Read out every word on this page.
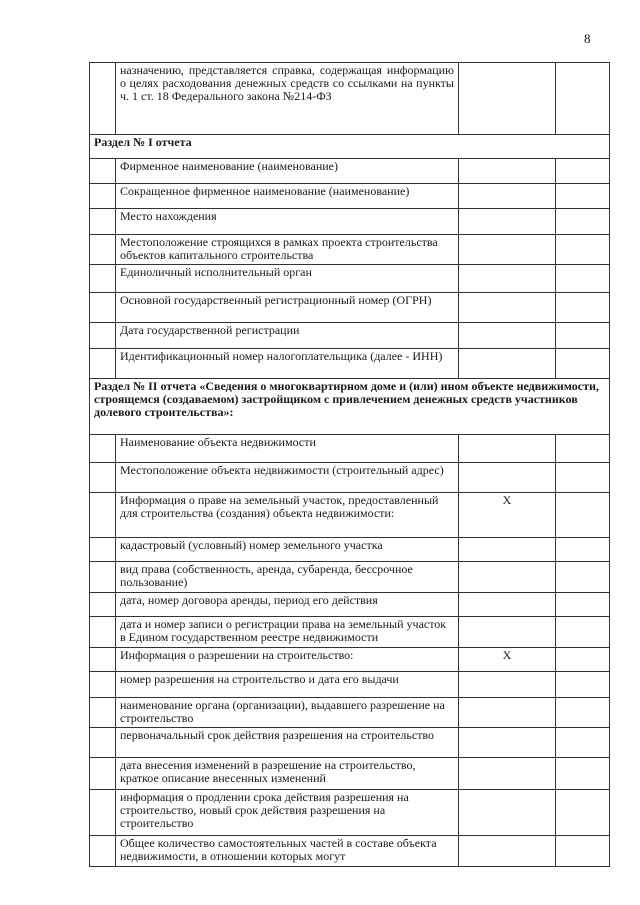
8
	назначению, представляется справка, содержащая информацию о целях расходования денежных средств со ссылками на пункты ч. 1 ст. 18 Федерального закона №214-ФЗ		
Раздел № I отчета			
	Фирменное наименование (наименование)		
	Сокращенное фирменное наименование (наименование)		
	Место нахождения		
	Местоположение строящихся в рамках проекта строительства объектов капитального строительства		
	Единоличный исполнительный орган		
	Основной государственный регистрационный номер (ОГРН)		
	Дата государственной регистрации		
	Идентификационный номер налогоплательщика (далее - ИНН)		
Раздел № II отчета «Сведения о многоквартирном доме и (или) ином объекте недвижимости, строящемся (создаваемом) застройщиком с привлечением денежных средств участников долевого строительства»:			
	Наименование объекта недвижимости		
	Местоположение объекта недвижимости (строительный адрес)		
	Информация о праве на земельный участок, предоставленный для строительства (создания) объекта недвижимости:	X	
	кадастровый (условный) номер земельного участка		
	вид права (собственность, аренда, субаренда, бессрочное пользование)		
	дата, номер договора аренды, период его действия		
	дата и номер записи о регистрации права на земельный участок в Едином государственном реестре недвижимости		
	Информация о разрешении на строительство:	X	
	номер разрешения на строительство и дата его выдачи		
	наименование органа (организации), выдавшего разрешение на строительство		
	первоначальный срок действия разрешения на строительство		
	дата внесения изменений в разрешение на строительство, краткое описание внесенных изменений		
	информация о продлении срока действия разрешения на строительство, новый срок действия разрешения на строительство		
	Общее количество самостоятельных частей в составе объекта недвижимости, в отношении которых могут		
